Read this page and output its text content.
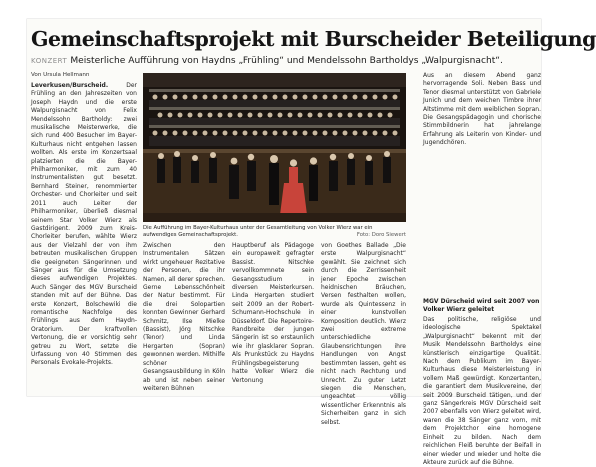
Gemeinschaftsprojekt mit Burscheider Beteiligung
KONZERT Meisterliche Aufführung von Haydns „Frühling“ und Mendelssohn Bartholdys „Walpurgisnacht“.
Von Ursula Hellmann

Leverkusen/Burscheid.	Der Frühling an den Jahreszeiten von Joseph Haydn und die erste Walpurgisnacht von Felix Mendelssohn Bartholdy: zwei musikalische Meisterwerke, die sich rund 400 Besucher im Bayer-Kulturhaus nicht entgehen lassen wollten. Als erste im Konzertsaal platzierten die die Bayer-Philharmoniker, mit zum 40 Instrumentalisten gut besetzt. Bernhard Steiner, renommierter Orchester- und Chorleiter und seit 2011 auch Leiter der Philharmoniker, überließ diesmal seinem Star Volker Wierz als Gastdirigent. 2009 zum Kreis-Chorleiter berufen, wählte Wierz aus der Vielzahl der von ihm betreuten musikalischen Gruppen die geeigneten Sängerinnen und Sänger aus für die Umsetzung dieses aufwendigen Projektes. Auch Sänger des MGV Burscheid standen mit auf der Bühne. Das erste Konzert, Bolschewiki die romantische Nachfolge des Frühlings aus dem Haydn-Oratorium. Der kraftvollen Vertonung, die er vorsichtig sehr getreu zu Wort, setzte die Urfassung von 40 Stimmen des Personals Evokale-Projekts.

Die Aufführung im Bayer-Kulturhaus unter der Gesamtleitung von Volker Wierz war ein aufwendiges Gemeinschaftsprojekt.	Foto: Doro Siewert

Zwischen den Instrumentalen Sätzen wirkt ungeheuer Rezitative der Personen, die ihr Namen, all derer sprechen. Gerne Lebensschönheit der Natur bestimmt. Für die drei Solopartien konnten Gewinner Gerhard Schmitz, Ilse Mielke (Bassist), Jörg Nitschke (Tenor) und Linda Hergarten (Sopran) gewonnen werden. Mithilfe schöner Gesangsausbildung in Köln ab und ist neben seiner weiteren Bühnen

Hauptberuf als Pädagoge ein europaweit gefragter Bassist. Nitschke vervollkommnete sein Gesangsstudium in diversen Meisterkursen. Linda Hergarten studiert seit 2009 an der Robert-Schumann-Hochschule in Düsseldorf. Die Repertoire-Randbreite der jungen Sängerin ist so erstaunlich wie ihr glasklarer Sopran. Als Prunkstück zu Haydns Frühlingsbegeisterung hatte Volker Wierz die Vertonung

von Goethes Ballade „Die erste Walpurgisnacht“ gewählt. Sie zeichnet sich durch die Zerrissenheit jener Epoche zwischen heidnischen Bräuchen, Versen festhalten wollen, wurde als Quintessenz in einer kunstvollen Komposition deutlich. Wierz zwei extreme unterschiedliche Glaubensrichtungen ihre Handlungen von Angst bestimmten lassen, geht es nicht nach Rechtung und Unrecht. Zu guter Letzt siegen die Menschen, ungeachtet völlig wissentlicher Erkenntnis als Sicherheiten ganz in sich selbst.

Aus an diesem Abend ganz hervorragende Soli. Neben Bass und Tenor diesmal unterstützt von Gabriele Junich und dem weichen Timbre ihrer Altstimme mit dem weiblichen Sopran. Die Gesangspädagogin und chorische Stimmbildnerin hat jahrelange Erfahrung als Leiterin von Kinder- und Jugendchören.

MGV Dürscheid wird seit 2007 von Volker Wierz geleitet

Das politische, religiöse und ideologische Spektakel „Walpurgisnacht“ bekennt mit der Musik Mendelssohn Bartholdys eine künstlerisch einzigartige Qualität. Nach dem Publikum im Bayer-Kulturhaus diese Meisterleistung in vollem Maß gewürdigt. Konzertanten, die garantiert dem Musikvereine, der seit 2009 Burscheid tätigen, und der ganz Sängerkreis MGV Dürscheid seit 2007 ebenfalls von Wierz geleitet wird, waren die 38 Sänger ganz vorn, mit dem Projektchor eine homogene Einheit zu bilden. Nach dem reichlichen Fleiß beruhte der Beifall in einer wieder und wieder und holte die Akteure zurück auf die Bühne.
